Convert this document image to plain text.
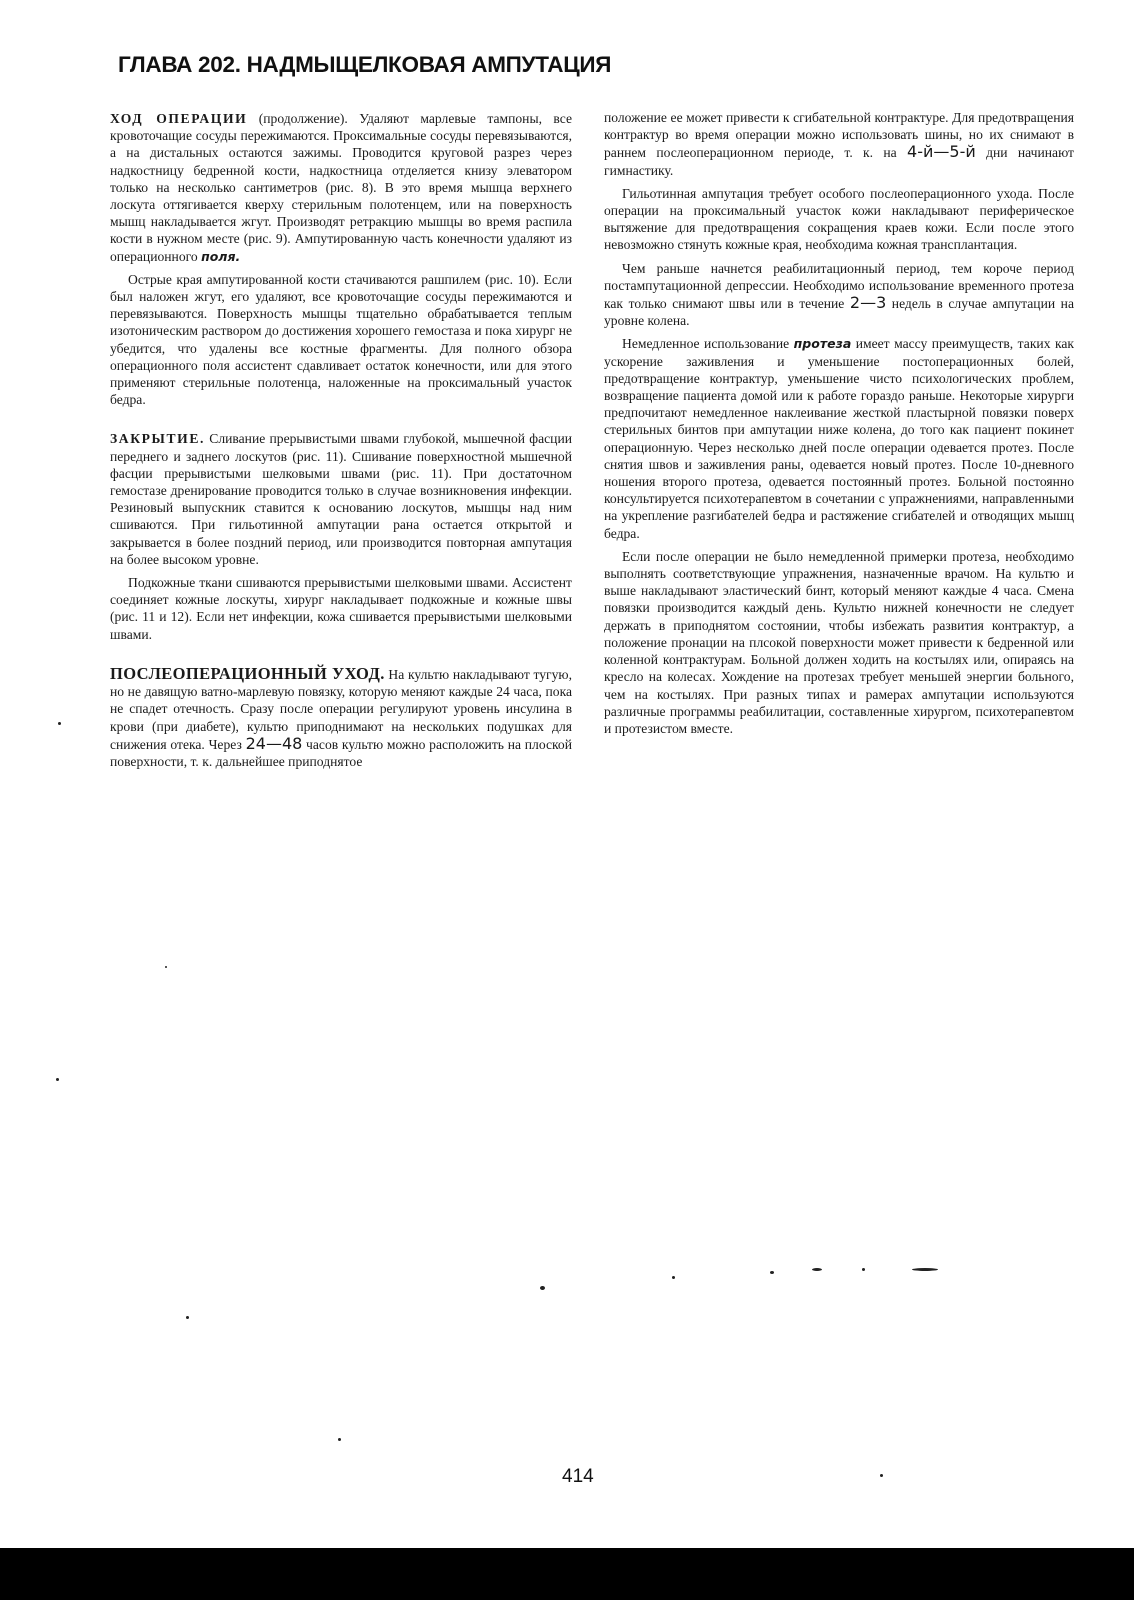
ГЛАВА 202. НАДМЫЩЕЛКОВАЯ АМПУТАЦИЯ

ХОД ОПЕРАЦИИ (продолжение). Удаляют марлевые тампоны, все кровоточащие сосуды пережимаются. Проксимальные сосуды перевязываются, а на дистальных остаются зажимы. Проводится круговой разрез через надкостницу бедренной кости, надкостница отделяется книзу элеватором только на несколько сантиметров (рис. 8). В это время мышца верхнего лоскута оттягивается кверху стерильным полотенцем, или на поверхность мышц накладывается жгут. Производят ретракцию мышцы во время распила кости в нужном месте (рис. 9). Ампутированную часть конечности удаляют из операционного поля.

Острые края ампутированной кости стачиваются рашпилем (рис. 10). Если был наложен жгут, его удаляют, все кровоточащие сосуды пережимаются и перевязываются. Поверхность мышцы тщательно обрабатывается теплым изотоническим раствором до достижения хорошего гемостаза и пока хирург не убедится, что удалены все костные фрагменты. Для полного обзора операционного поля ассистент сдавливает остаток конечности, или для этого применяют стерильные полотенца, наложенные на проксимальный участок бедра.

ЗАКРЫТИЕ. Сливание прерывистыми швами глубокой, мышечной фасции переднего и заднего лоскутов (рис. 11). Сшивание поверхностной мышечной фасции прерывистыми шелковыми швами (рис. 11). При достаточном гемостазе дренирование проводится только в случае возникновения инфекции. Резиновый выпускник ставится к основанию лоскутов, мышцы над ним сшиваются. При гильотинной ампутации рана остается открытой и закрывается в более поздний период, или производится повторная ампутация на более высоком уровне.

Подкожные ткани сшиваются прерывистыми шелковыми швами. Ассистент соединяет кожные лоскуты, хирург накладывает подкожные и кожные швы (рис. 11 и 12). Если нет инфекции, кожа сшивается прерывистыми шелковыми швами.

ПОСЛЕОПЕРАЦИОННЫЙ УХОД. На культю накладывают тугую, но не давящую ватно-марлевую повязку, которую меняют каждые 24 часа, пока не спадет отечность. Сразу после операции регулируют уровень инсулина в крови (при диабете), культю приподнимают на нескольких подушках для снижения отека. Через 24—48 часов культю можно расположить на плоской поверхности, т. к. дальнейшее приподнятое

положение ее может привести к сгибательной контрактуре. Для предотвращения контрактур во время операции можно использовать шины, но их снимают в раннем послеоперационном периоде, т. к. на 4-й—5-й дни начинают гимнастику.

Гильотинная ампутация требует особого послеоперационного ухода. После операции на проксимальный участок кожи накладывают периферическое вытяжение для предотвращения сокращения краев кожи. Если после этого невозможно стянуть кожные края, необходима кожная трансплантация.

Чем раньше начнется реабилитационный период, тем короче период постампутационной депрессии. Необходимо использование временного протеза как только снимают швы или в течение 2—3 недель в случае ампутации на уровне колена.

Немедленное использование протеза имеет массу преимуществ, таких как ускорение заживления и уменьшение постоперационных болей, предотвращение контрактур, уменьшение чисто психологических проблем, возвращение пациента домой или к работе гораздо раньше. Некоторые хирурги предпочитают немедленное наклеивание жесткой пластырной повязки поверх стерильных бинтов при ампутации ниже колена, до того как пациент покинет операционную. Через несколько дней после операции одевается протез. После снятия швов и заживления раны, одевается новый протез. После 10-дневного ношения второго протеза, одевается постоянный протез. Больной постоянно консультируется психотерапевтом в сочетании с упражнениями, направленными на укрепление разгибателей бедра и растяжение сгибателей и отводящих мышц бедра.

Если после операции не было немедленной примерки протеза, необходимо выполнять соответствующие упражнения, назначенные врачом. На культю и выше накладывают эластический бинт, который меняют каждые 4 часа. Смена повязки производится каждый день. Культю нижней конечности не следует держать в приподнятом состоянии, чтобы избежать развития контрактур, а положение пронации на плсокой поверхности может привести к бедренной или коленной контрактурам. Больной должен ходить на костылях или, опираясь на кресло на колесах. Хождение на протезах требует меньшей энергии больного, чем на костылях. При разных типах и рамерах ампутации используются различные программы реабилитации, составленные хирургом, психотерапевтом и протезистом вместе.

414
